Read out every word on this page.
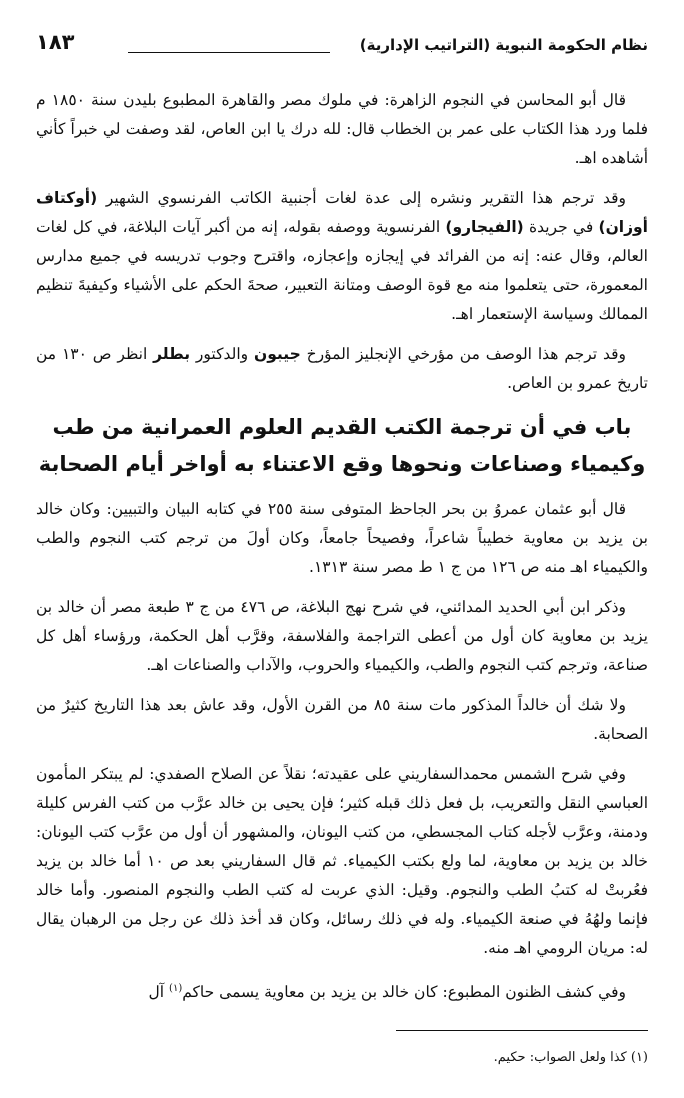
نظام الحكومة النبوية (التراتيب الإدارية)
١٨٣

قال أبو المحاسن في النجوم الزاهرة: في ملوك مصر والقاهرة المطبوع بليدن سنة ١٨٥٠ م فلما ورد هذا الكتاب على عمر بن الخطاب قال: لله درك يا ابن العاص، لقد وصفت لي خبراً كأني أشاهده اهـ.

وقد ترجم هذا التقرير ونشره إلى عدة لغات أجنبية الكاتب الفرنسوي الشهير (أوكتاف أوزان) في جريدة (الفيجارو) الفرنسوية ووصفه بقوله، إنه من أكبر آيات البلاغة، في كل لغات العالم، وقال عنه: إنه من الفرائد في إيجازه وإعجازه، واقترح وجوب تدريسه في جميع مدارس المعمورة، حتى يتعلموا منه مع قوة الوصف ومتانة التعبير، صحةَ الحكم على الأشياء وكيفيةَ تنظيم الممالك وسياسة الإستعمار اهـ.

وقد ترجم هذا الوصف من مؤرخي الإنجليز المؤرخ جيبون والدكتور بطلر انظر ص ١٣٠ من تاريخ عمرو بن العاص.

باب في أن ترجمة الكتب القديم العلوم العمرانية من طب وكيمياء وصناعات ونحوها وقع الاعتناء به أواخر أيام الصحابة

قال أبو عثمان عمروُ بن بحر الجاحظ المتوفى سنة ٢٥٥ في كتابه البيان والتبيين: وكان خالد بن يزيد بن معاوية خطيباً شاعراً، وفصيحاً جامعاً، وكان أولَ من ترجم كتب النجوم والطب والكيمياء اهـ منه ص ١٢٦ من ج ١ ط مصر سنة ١٣١٣.

وذكر ابن أبي الحديد المدائني، في شرح نهج البلاغة، ص ٤٧٦ من ج ٣ طبعة مصر أن خالد بن يزيد بن معاوية كان أول من أعطى التراجمة والفلاسفة، وقرَّب أهل الحكمة، ورؤساء أهل كل صناعة، وترجم كتب النجوم والطب، والكيمياء والحروب، والآداب والصناعات اهـ.

ولا شك أن خالداً المذكور مات سنة ٨٥ من القرن الأول، وقد عاش بعد هذا التاريخ كثيرٌ من الصحابة.

وفي شرح الشمس محمدالسفاريني على عقيدته؛ نقلاً عن الصلاح الصفدي: لم يبتكر المأمون العباسي النقل والتعريب، بل فعل ذلك قبله كثير؛ فإن يحيى بن خالد عرَّب من كتب الفرس كليلة ودمنة، وعرَّب لأجله كتاب المجسطي، من كتب اليونان، والمشهور أن أول من عرَّب كتب اليونان: خالد بن يزيد بن معاوية، لما ولع بكتب الكيمياء. ثم قال السفاريني بعد ص ١٠ أما خالد بن يزيد فعُربتْ له كتبُ الطب والنجوم. وقيل: الذي عربت له كتب الطب والنجوم المنصور. وأما خالد فإنما ولهُهُ في صنعة الكيمياء. وله في ذلك رسائل، وكان قد أخذ ذلك عن رجل من الرهبان يقال له: مريان الرومي اهـ منه.

وفي كشف الظنون المطبوع: كان خالد بن يزيد بن معاوية يسمى حاكم$^{(١)}$ آل

(١) كذا ولعل الصواب: حكيم.
